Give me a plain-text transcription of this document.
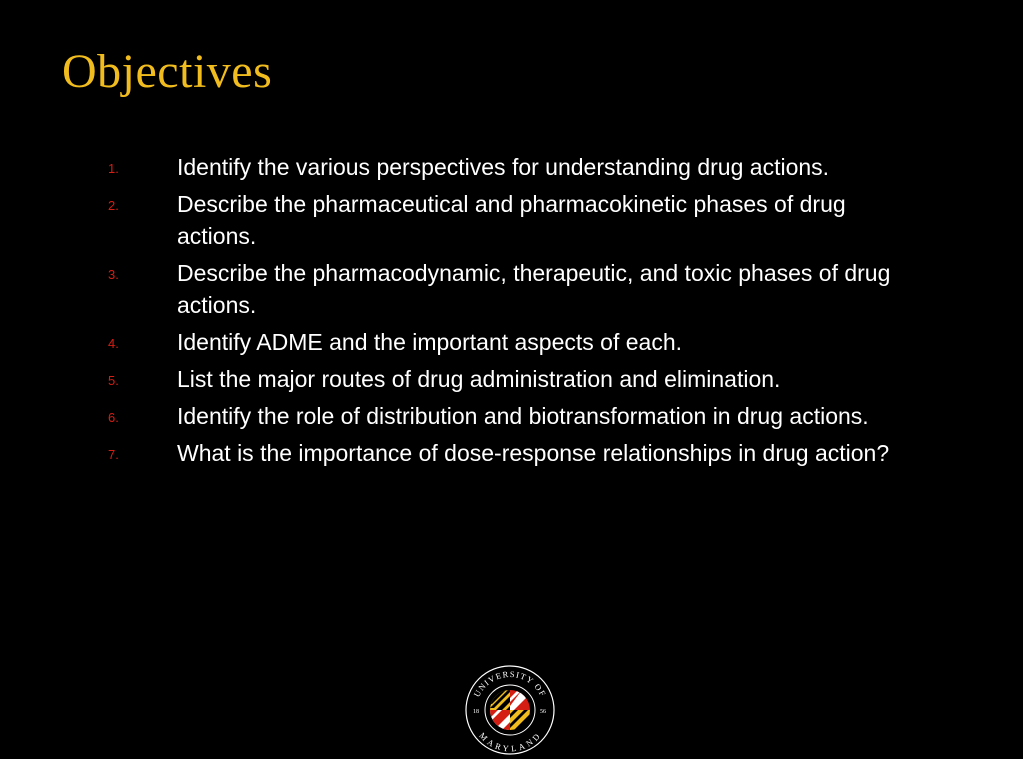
Objectives
1.	Identify the various perspectives for understanding drug actions.
2.	Describe the pharmaceutical and pharmacokinetic phases of drug actions.
3.	Describe the pharmacodynamic, therapeutic, and toxic phases of drug actions.
4.	Identify ADME and the important aspects of each.
5.	List the major routes of drug administration and elimination.
6.	Identify the role of distribution and biotransformation in drug actions.
7.	What is the importance of dose-response relationships in drug action?
UNIVERSITY OF
MARYLAND
18	56
